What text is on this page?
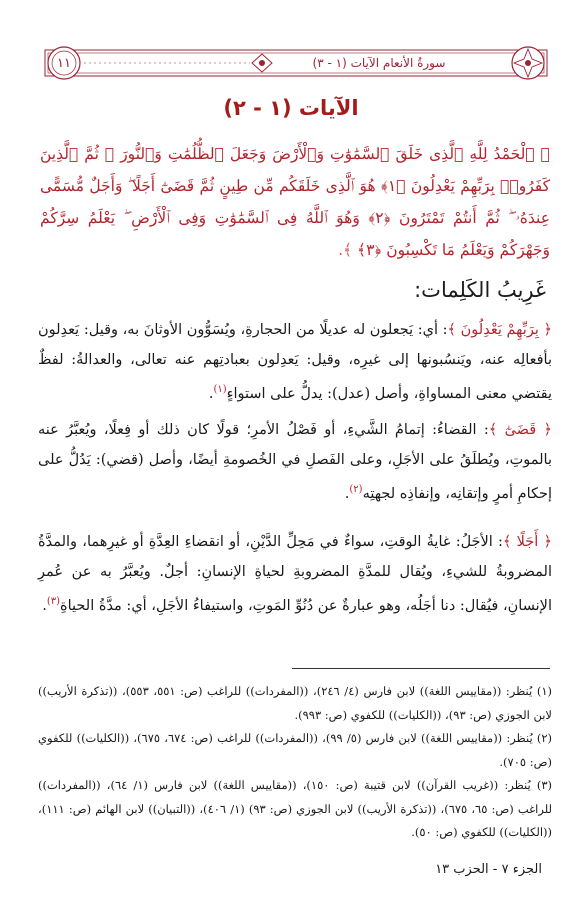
١١	سورةُ الأنعام الآيات (١ - ٣)
الآيات (١ - ٢)
﴿ ٱلْحَمْدُ لِلَّهِ ٱلَّذِى خَلَقَ ٱلسَّمَٰوَٰتِ وَٱلْأَرْضَ وَجَعَلَ ٱلظُّلُمَٰتِ وَٱلنُّورَ ۖ ثُمَّ ٱلَّذِينَ كَفَرُوا۟ بِرَبِّهِمْ يَعْدِلُونَ ﴿١﴾ هُوَ ٱلَّذِى خَلَقَكُم مِّن طِينٍ ثُمَّ قَضَىٰٓ أَجَلًا ۖ وَأَجَلٌ مُّسَمًّى عِندَهُۥ ۖ ثُمَّ أَنتُمْ تَمْتَرُونَ ﴿٢﴾ وَهُوَ ٱللَّهُ فِى ٱلسَّمَٰوَٰتِ وَفِى ٱلْأَرْضِ ۖ يَعْلَمُ سِرَّكُمْ وَجَهْرَكُمْ وَيَعْلَمُ مَا تَكْسِبُونَ ﴿٣﴾ ﴾.
غَرِيبُ الكَلِمات:
﴿ بِرَبِّهِمْ يَعْدِلُونَ ﴾: أي: يَجعلون له عديلًا من الحجارةِ، ويُسَوُّون الأوثانَ به، وقيل: يَعدِلون بأفعالِه عنه، ويَنسُبونها إلى غيرِه، وقيل: يَعدِلون بعبادتِهم عنه تعالى، والعدالةُ: لفظٌ يقتضي معنى المساواةِ، وأصل (عدل): يدلُّ على استواءٍ$^{(١)}$.
﴿ قَضَىٰٓ ﴾: القضاءُ: إتمامُ الشَّيءِ، أو فَصْلُ الأمرِ؛ قولًا كان ذلك أو فِعلًا، ويُعبَّرُ عنه بالموتِ، ويُطلَقُ على الأجَلِ، وعلى الفَصلِ في الخُصومةِ أيضًا، وأصل (قضي): يَدُلُّ على إحكامِ أمرٍ وإتقانِه، وإنفاذِه لجهتِه$^{(٢)}$.
﴿ أَجَلًا ﴾: الأجَلُ: غايةُ الوقتِ، سواءٌ في مَحِلِّ الدَّيْنِ، أو انقضاءِ العِدَّةِ أو غيرِهما، والمدَّةُ المضروبةُ للشيءِ، ويُقال للمدَّةِ المضروبةِ لحياةِ الإنسانِ: أجلٌ. ويُعبَّرُ به عن عُمرِ الإنسانِ، فيُقال: دنا أجَلُه، وهو عبارةٌ عن دُنُوِّ المَوتِ، واستيفاءُ الأجَلِ، أي: مدَّةُ الحياةِ$^{(٣)}$.
(١) يُنظر: ((مقاييس اللغة)) لابن فارس (٤/ ٢٤٦)، ((المفردات)) للراغب (ص: ٥٥١، ٥٥٣)، ((تذكرة الأريب)) لابن الجوزي (ص: ٩٣)، ((الكليات)) للكفوي (ص: ٩٩٣).
(٢) يُنظر: ((مقاييس اللغة)) لابن فارس (٥/ ٩٩)، ((المفردات)) للراغب (ص: ٦٧٤، ٦٧٥)، ((الكليات)) للكفوي (ص: ٧٠٥).
(٣) يُنظر: ((غريب القرآن)) لابن قتيبة (ص: ١٥٠)، ((مقاييس اللغة)) لابن فارس (١/ ٦٤)، ((المفردات)) للراغب (ص: ٦٥، ٦٧٥)، ((تذكرة الأريب)) لابن الجوزي (ص: ٩٣) (١/ ٤٠٦)، ((التبيان)) لابن الهائم (ص: ١١١)، ((الكليات)) للكفوي (ص: ٥٠).
الجزء ٧ - الحزب ١٣
